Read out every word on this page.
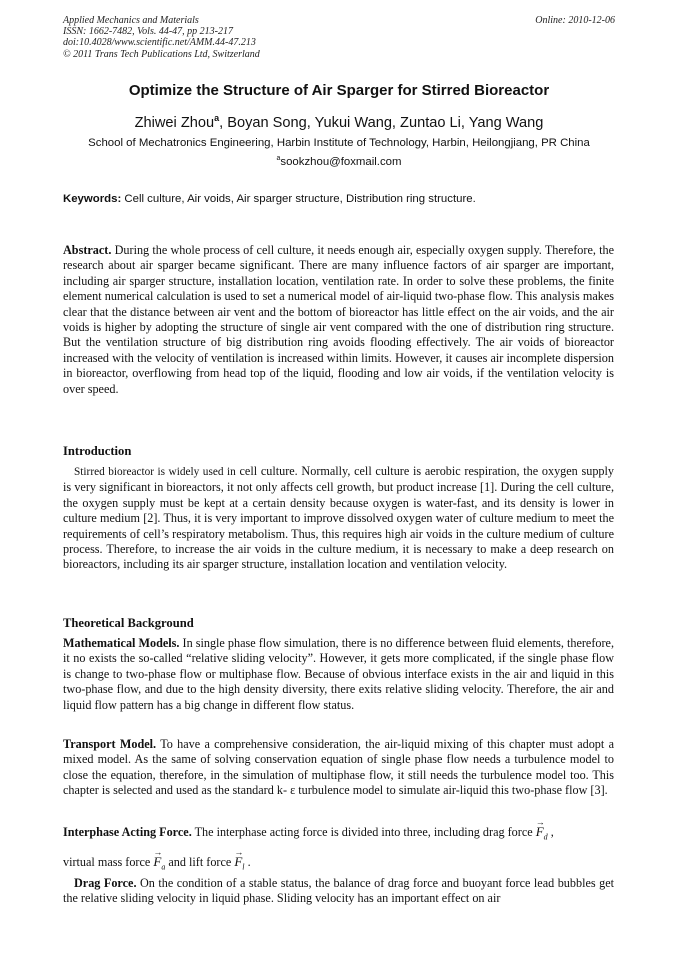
Applied Mechanics and Materials
ISSN: 1662-7482, Vols. 44-47, pp 213-217
doi:10.4028/www.scientific.net/AMM.44-47.213
© 2011 Trans Tech Publications Ltd, Switzerland
Online: 2010-12-06
Optimize the Structure of Air Sparger for Stirred Bioreactor
Zhiwei Zhou$^a$, Boyan Song, Yukui Wang, Zuntao Li, Yang Wang
School of Mechatronics Engineering, Harbin Institute of Technology, Harbin, Heilongjiang, PR China
$^a$sookzhou@foxmail.com
Keywords: Cell culture, Air voids, Air sparger structure, Distribution ring structure.
Abstract. During the whole process of cell culture, it needs enough air, especially oxygen supply. Therefore, the research about air sparger became significant. There are many influence factors of air sparger are important, including air sparger structure, installation location, ventilation rate. In order to solve these problems, the finite element numerical calculation is used to set a numerical model of air-liquid two-phase flow. This analysis makes clear that the distance between air vent and the bottom of bioreactor has little effect on the air voids, and the air voids is higher by adopting the structure of single air vent compared with the one of distribution ring structure. But the ventilation structure of big distribution ring avoids flooding effectively. The air voids of bioreactor increased with the velocity of ventilation is increased within limits. However, it causes air incomplete dispersion in bioreactor, overflowing from head top of the liquid, flooding and low air voids, if the ventilation velocity is over speed.
Introduction
Stirred bioreactor is widely used in cell culture. Normally, cell culture is aerobic respiration, the oxygen supply is very significant in bioreactors, it not only affects cell growth, but product increase [1]. During the cell culture, the oxygen supply must be kept at a certain density because oxygen is water-fast, and its density is lower in culture medium [2]. Thus, it is very important to improve dissolved oxygen water of culture medium to meet the requirements of cell’s respiratory metabolism. Thus, this requires high air voids in the culture medium of culture process. Therefore, to increase the air voids in the culture medium, it is necessary to make a deep research on bioreactors, including its air sparger structure, installation location and ventilation velocity.
Theoretical Background
Mathematical Models. In single phase flow simulation, there is no difference between fluid elements, therefore, it no exists the so-called “relative sliding velocity”. However, it gets more complicated, if the single phase flow is change to two-phase flow or multiphase flow. Because of obvious interface exists in the air and liquid in this two-phase flow, and due to the high density diversity, there exits relative sliding velocity. Therefore, the air and liquid flow pattern has a big change in different flow status.
Transport Model. To have a comprehensive consideration, the air-liquid mixing of this chapter must adopt a mixed model. As the same of solving conservation equation of single phase flow needs a turbulence model to close the equation, therefore, in the simulation of multiphase flow, it still needs the turbulence model too. This chapter is selected and used as the standard k- ε turbulence model to simulate air-liquid this two-phase flow [3].
Interphase Acting Force. The interphase acting force is divided into three, including drag force → $F_d$ ,
virtual mass force → $F_a$ and lift force → $F_l$ .
Drag Force. On the condition of a stable status, the balance of drag force and buoyant force lead bubbles get the relative sliding velocity in liquid phase. Sliding velocity has an important effect on air
